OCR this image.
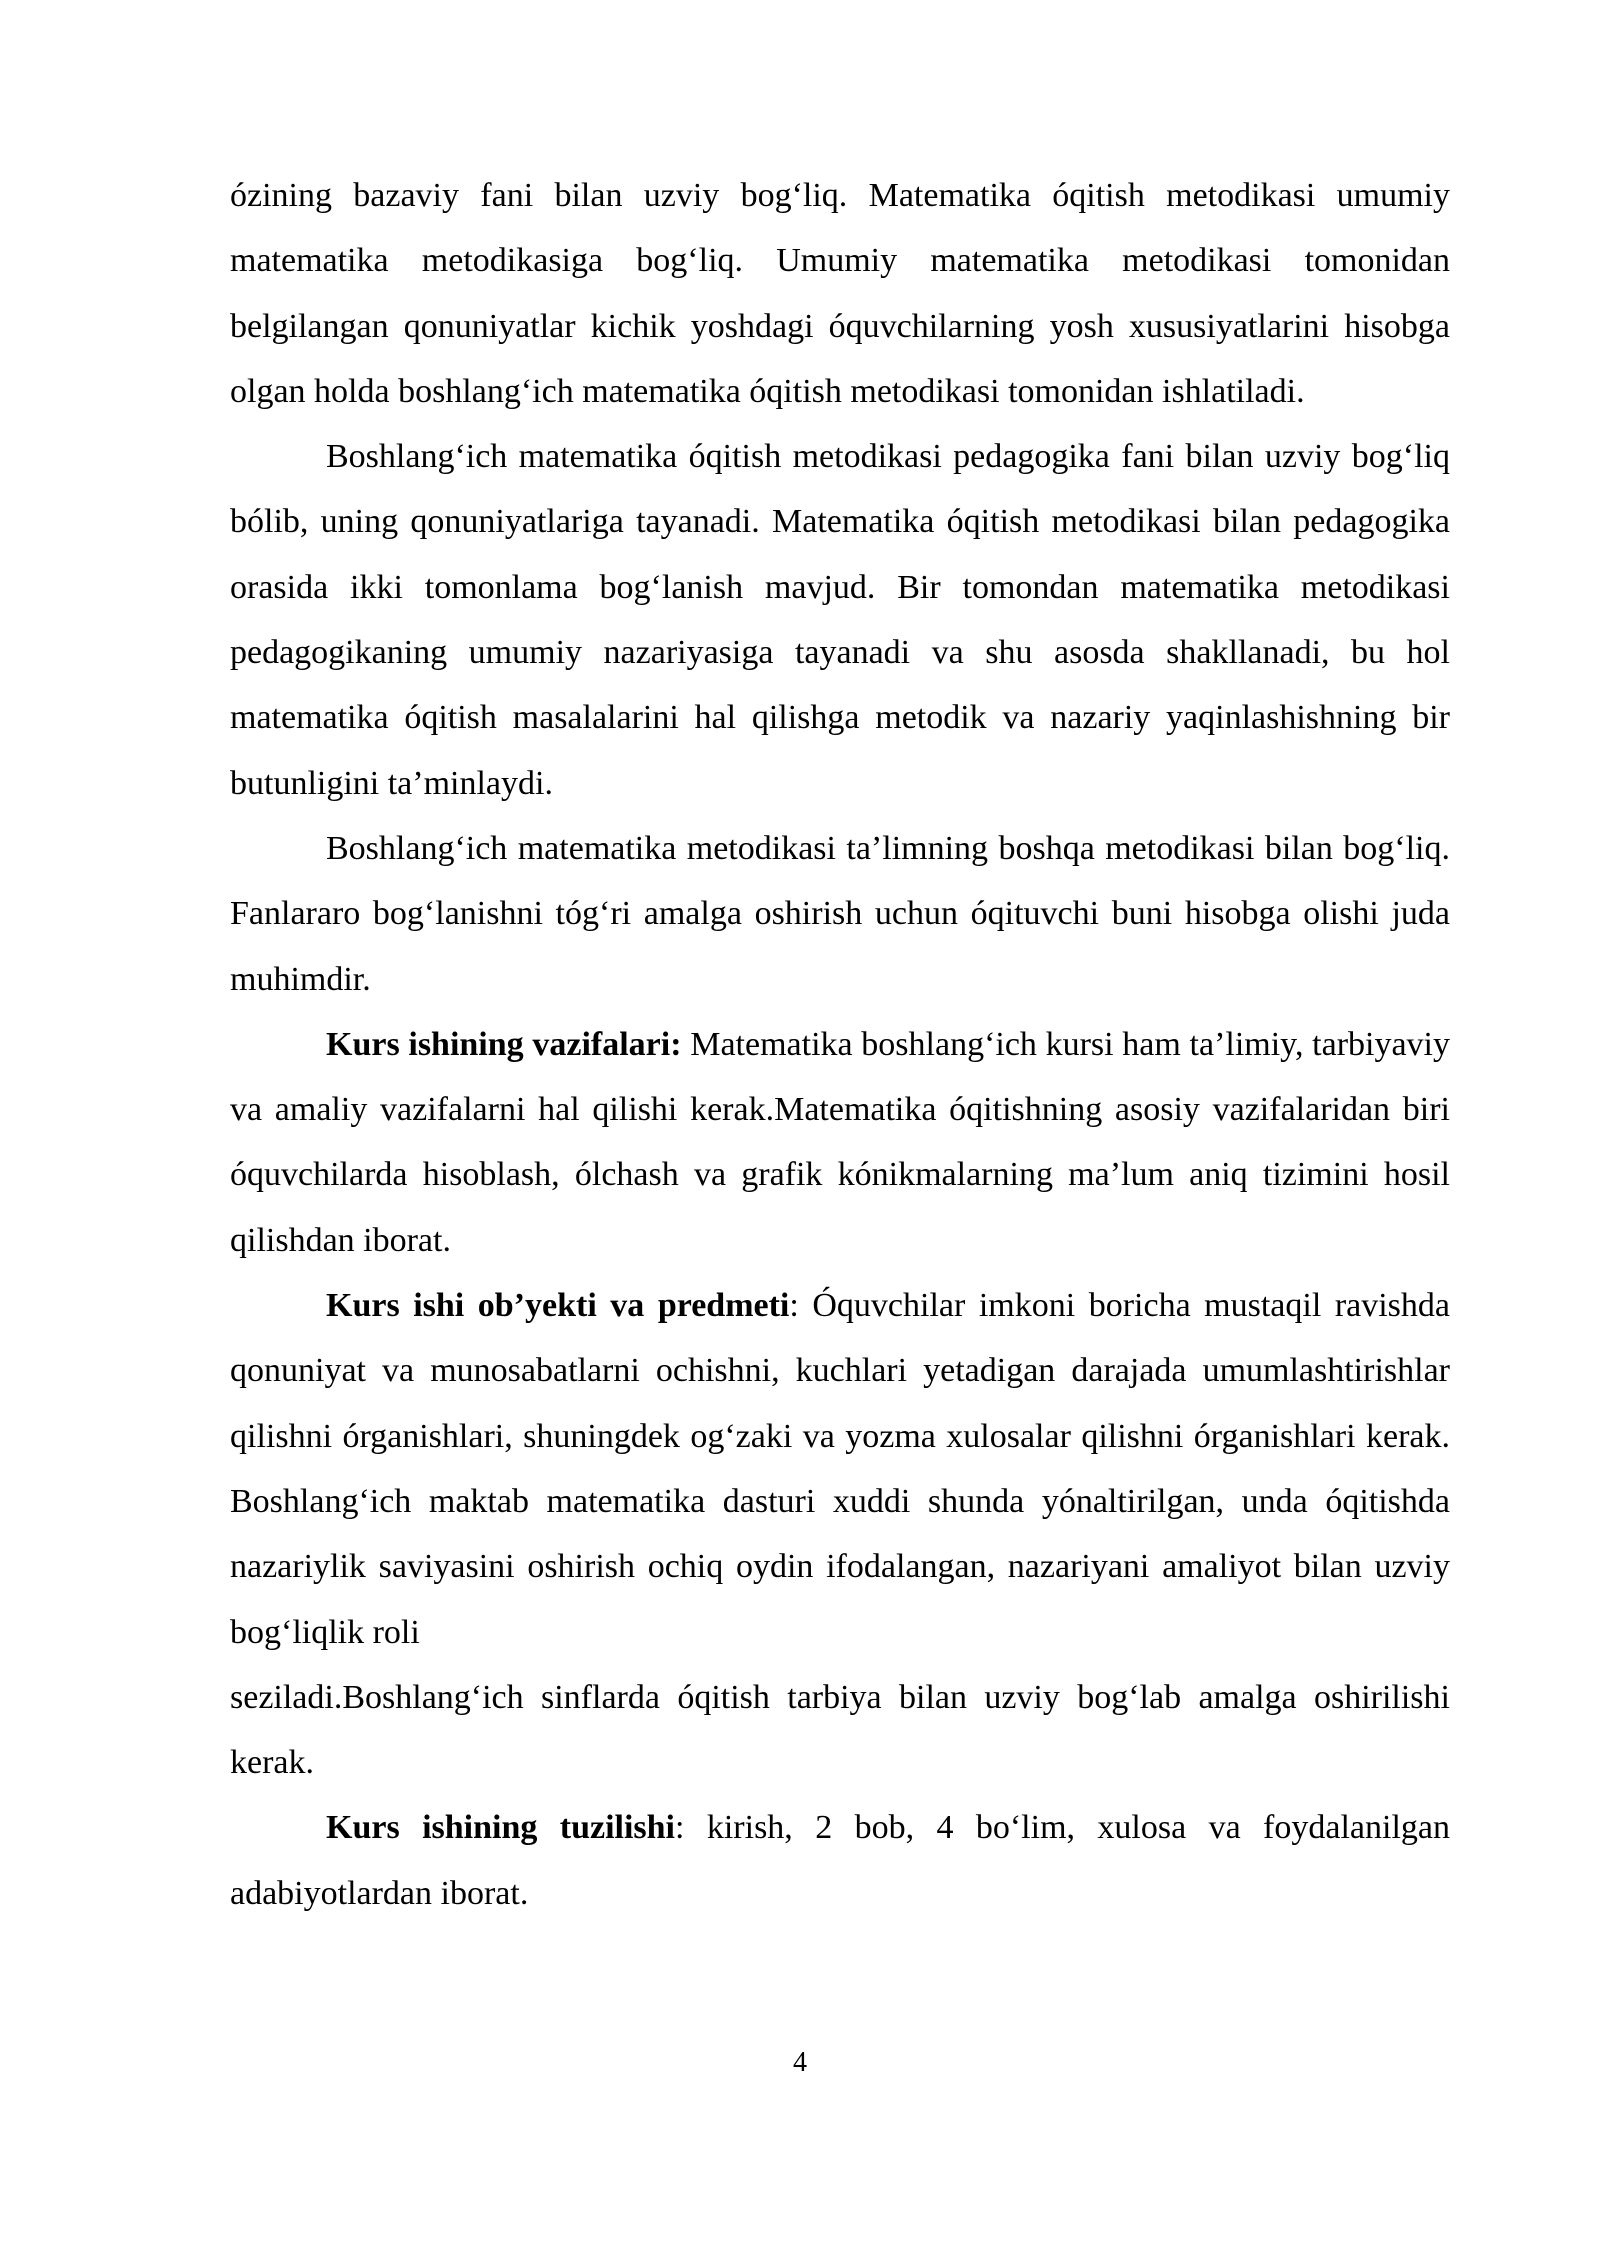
ózining bazaviy fani bilan uzviy bog‘liq. Matematika óqitish metodikasi umumiy matematika metodikasiga bog‘liq. Umumiy matematika metodikasi tomonidan belgilangan qonuniyatlar kichik yoshdagi óquvchilarning yosh xususiyatlarini hisobga olgan holda boshlang‘ich matematika óqitish metodikasi tomonidan ishlatiladi.

Boshlang‘ich matematika óqitish metodikasi pedagogika fani bilan uzviy bog‘liq bólib, uning qonuniyatlariga tayanadi. Matematika óqitish metodikasi bilan pedagogika orasida ikki tomonlama bog‘lanish mavjud. Bir tomondan matematika metodikasi pedagogikaning umumiy nazariyasiga tayanadi va shu asosda shakllanadi, bu hol matematika óqitish masalalarini hal qilishga metodik va nazariy yaqinlashishning bir butunligini ta’minlaydi.

Boshlang‘ich matematika metodikasi ta’limning boshqa metodikasi bilan bog‘liq. Fanlararo bog‘lanishni tóg‘ri amalga oshirish uchun óqituvchi buni hisobga olishi juda muhimdir.

Kurs ishining vazifalari: Matematika boshlang‘ich kursi ham ta’limiy, tarbiyaviy va amaliy vazifalarni hal qilishi kerak.Matematika óqitishning asosiy vazifalaridan biri óquvchilarda hisoblash, ólchash va grafik kónikmalarning ma’lum aniq tizimini hosil qilishdan iborat.

Kurs ishi ob’yekti va predmeti: Óquvchilar imkoni boricha mustaqil ravishda qonuniyat va munosabatlarni ochishni, kuchlari yetadigan darajada umumlashtirishlar qilishni órganishlari, shuningdek og‘zaki va yozma xulosalar qilishni órganishlari kerak. Boshlang‘ich maktab matematika dasturi xuddi shunda yónaltirilgan, unda óqitishda nazariylik saviyasini oshirish ochiq oydin ifodalangan, nazariyani amaliyot bilan uzviy bog‘liqlik roli

seziladi.Boshlang‘ich sinflarda óqitish tarbiya bilan uzviy bog‘lab amalga oshirilishi kerak.

Kurs ishining tuzilishi: kirish, 2 bob, 4 bo‘lim, xulosa va foydalanilgan adabiyotlardan iborat.

4
